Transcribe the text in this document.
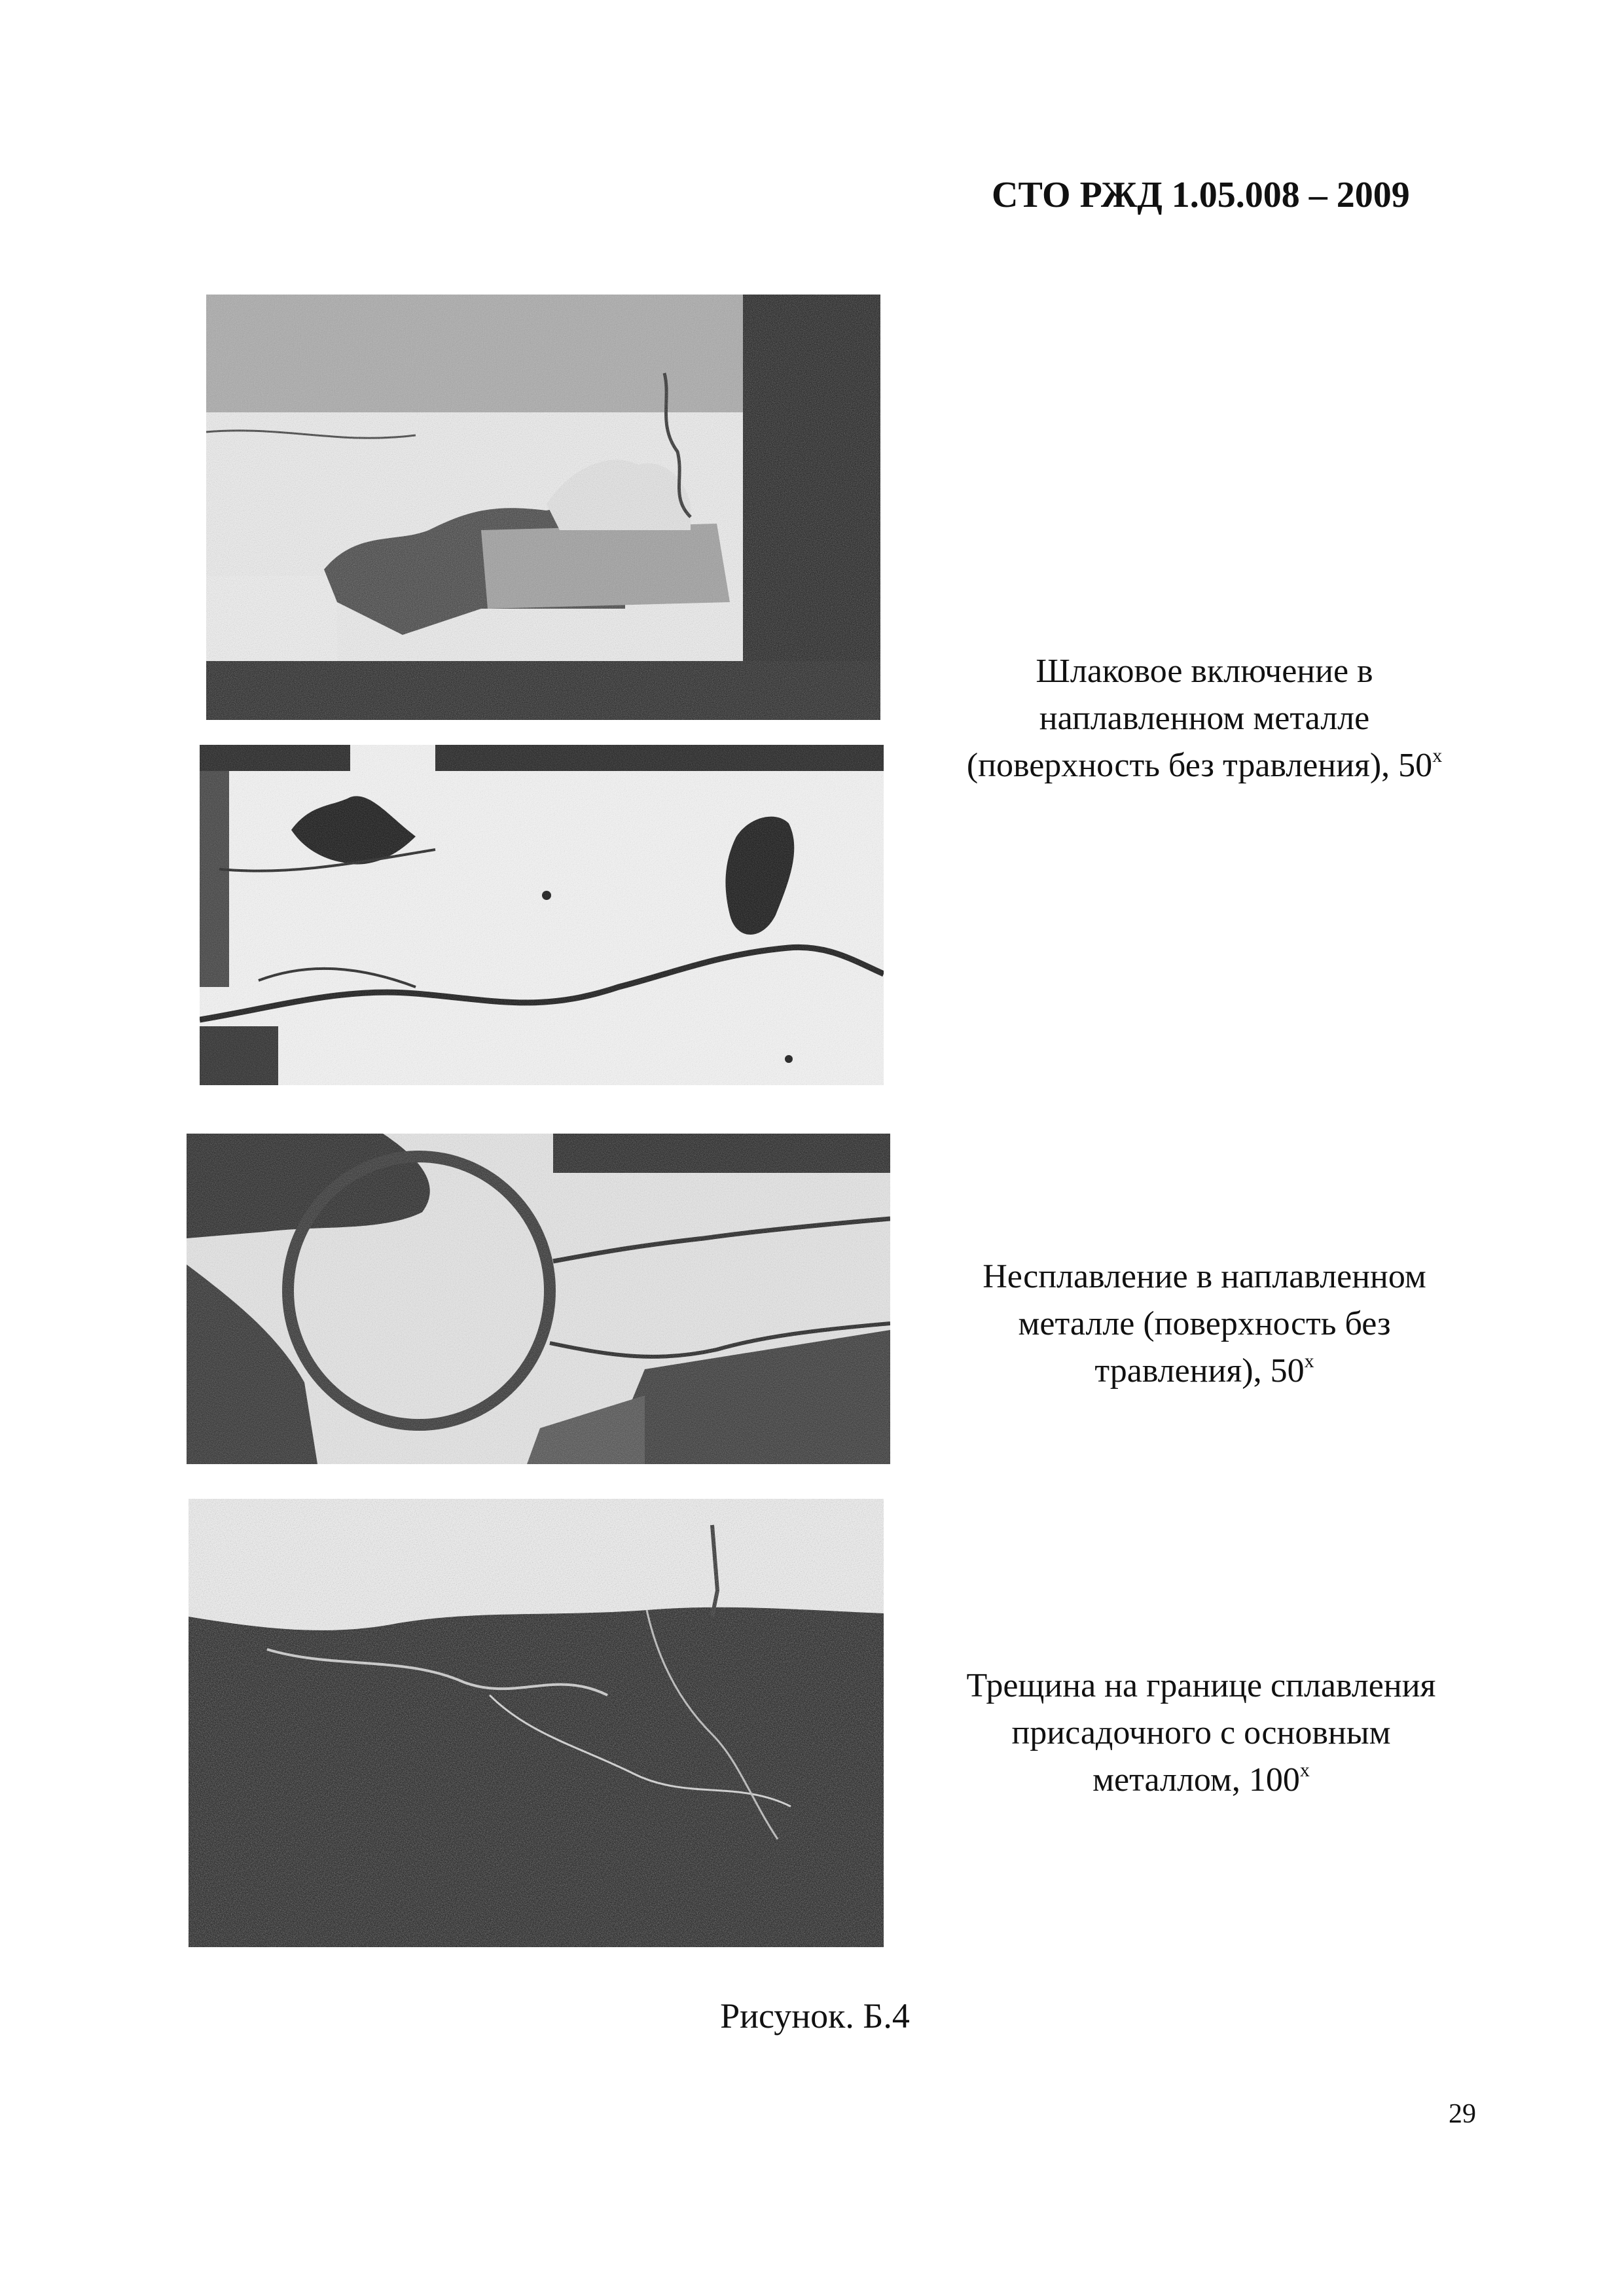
СТО РЖД 1.05.008 – 2009
Шлаковое включение в
наплавленном металле
(поверхность без травления), $50^х$
Несплавление в наплавленном
металле (поверхность без
травления), $50^х$
Трещина на границе сплавления
присадочного с основным
металлом, $100^х$
Рисунок. Б.4
29
